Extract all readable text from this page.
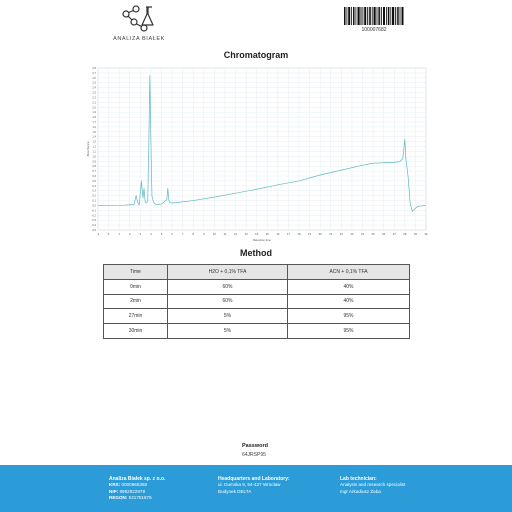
ANALIZA BIAŁEK
100007682
Chromatogram
-1	0	1	2	3	4	5	6	7	8	9	10	11	12	13	14	15	16	17	18	19	20	21	22	23	24	25	26	27	28	29	30
-0.5
-0.4
-0.3
-0.2
-0.1
0.0
0.1
0.2
0.3
0.4
0.5
0.6
0.7
0.8
0.9
1.0
1.1
1.2
1.3
1.4
1.5
1.6
1.7
1.8
1.9
2.0
2.1
2.2
2.3
2.4
2.5
2.6
2.7
2.8
Retention time
Absorbance
Method
Time	H2O + 0,1% TFA	ACN + 0,1% TFA
0min	60%	40%
2min	60%	40%
27min	5%	95%
30min	5%	95%
Password
64JRSP95
Analiza Białek sp. z o.o.
KRS: 0000966368
NIP: 8992922979
REGON: 521751875
Headquarters and Laboratory:
ul. Dumska 9, 54-427 Wrocław
Budynek DELTA
Lab technician:
Analysis and research specialist
mgr Arkadiusz Żaba
